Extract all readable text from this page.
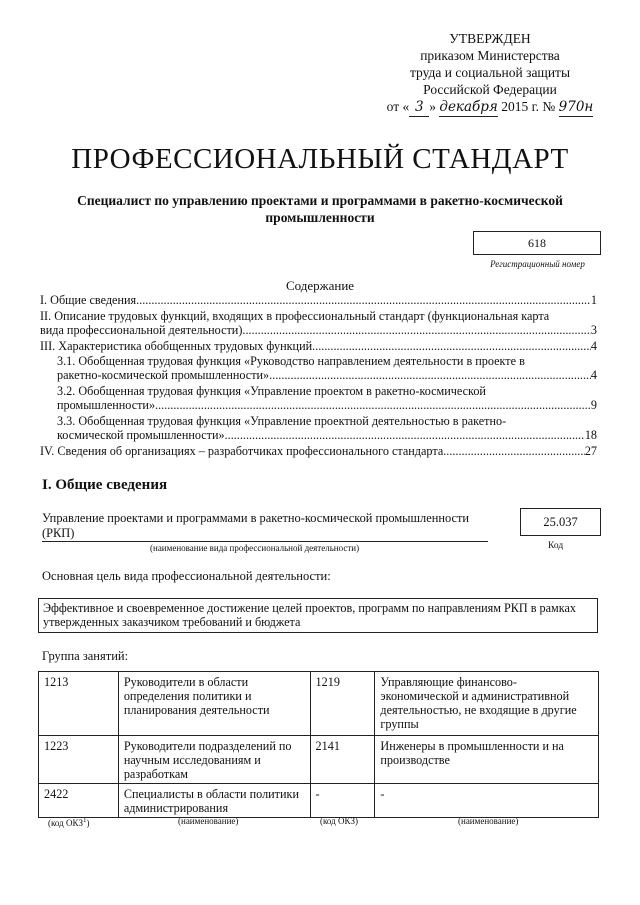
УТВЕРЖДЕН
приказом Министерства
труда и социальной защиты
Российской Федерации
от « 3 » декабря 2015 г. № 970н
ПРОФЕССИОНАЛЬНЫЙ СТАНДАРТ
Специалист по управлению проектами и программами в ракетно-космической промышленности
618
Регистрационный номер
Содержание
I. Общие сведения .....	1
II. Описание трудовых функций, входящих в профессиональный стандарт (функциональная карта
вида профессиональной деятельности) .....	3
III. Характеристика обобщенных трудовых функций .....	4
3.1. Обобщенная трудовая функция «Руководство направлением деятельности в проекте в
ракетно-космической промышленности» .....	4
3.2. Обобщенная трудовая функция «Управление проектом в ракетно-космической
промышленности» .....	9
3.3. Обобщенная трудовая функция «Управление проектной деятельностью в ракетно-
космической промышленности» .....	18
IV. Сведения об организациях – разработчиках профессионального стандарта .....	27
I. Общие сведения
Управление проектами и программами в ракетно-космической промышленности (РКП)
(наименование вида профессиональной деятельности)
25.037
Код
Основная цель вида профессиональной деятельности:
Эффективное и своевременное достижение целей проектов, программ по направлениям РКП в рамках утвержденных заказчиком требований и бюджета
Группа занятий:
1213	Руководители в области определения политики и планирования деятельности	1219	Управляющие финансово-экономической и административной деятельностью, не входящие в другие группы
1223	Руководители подразделений по научным исследованиям и разработкам	2141	Инженеры в промышленности и на производстве
2422	Специалисты в области политики администрирования	-	-
(код ОКЗ$^1$)	(наименование)	(код ОКЗ)	(наименование)
